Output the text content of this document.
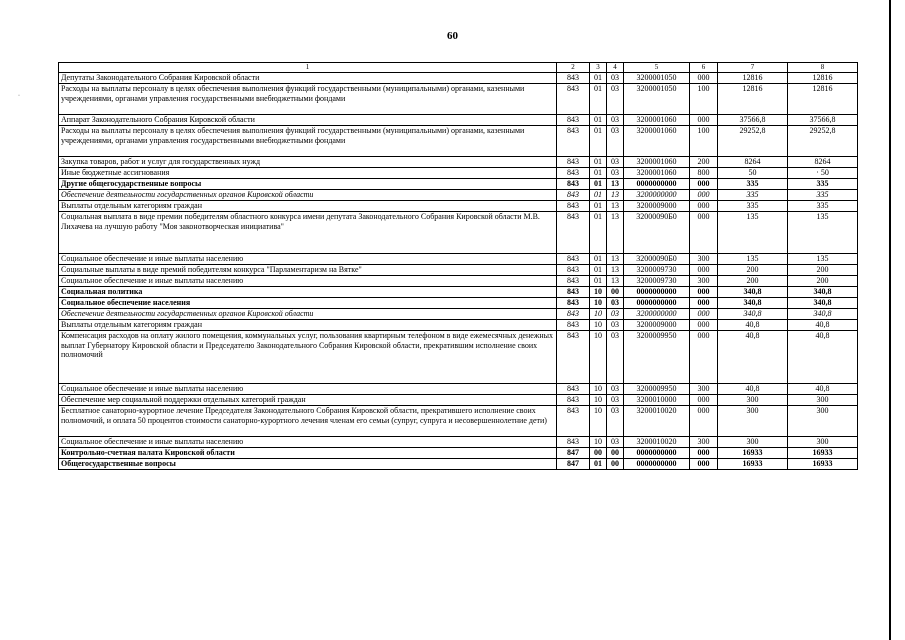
60
·
1	2	3	4	5	6	7	8
Депутаты Законодательного Собрания Кировской области	843	01	03	3200001050	000	12816	12816
Расходы на выплаты персоналу в целях обеспечения выполнения функций государственными (муниципальными) органами, казенными учреждениями, органами управления государственными внебюджетными фондами	843	01	03	3200001050	100	12816	12816
Аппарат Законодательного Собрания Кировской области	843	01	03	3200001060	000	37566,8	37566,8
Расходы на выплаты персоналу в целях обеспечения выполнения функций государственными (муниципальными) органами, казенными учреждениями, органами управления государственными внебюджетными фондами	843	01	03	3200001060	100	29252,8	29252,8
Закупка товаров, работ и услуг для государственных нужд	843	01	03	3200001060	200	8264	8264
Иные бюджетные ассигнования	843	01	03	3200001060	800	50	· 50
Другие общегосударственные вопросы	843	01	13	0000000000	000	335	335
Обеспечение деятельности государственных органов Кировской области	843	01	13	3200000000	000	335	335
Выплаты отдельным категориям граждан	843	01	13	3200009000	000	335	335
Социальная выплата в виде премии победителям областного конкурса имени депутата Законодательного Собрания Кировской области М.В. Лихачева на лучшую работу "Моя законотворческая инициатива"	843	01	13	32000090Б0	000	135	135
Социальное обеспечение и иные выплаты населению	843	01	13	32000090Б0	300	135	135
Социальные выплаты в виде премий победителям конкурса "Парламентаризм на Вятке"	843	01	13	3200009730	000	200	200
Социальное обеспечение и иные выплаты населению	843	01	13	3200009730	300	200	200
Социальная политика	843	10	00	0000000000	000	340,8	340,8
Социальное обеспечение населения	843	10	03	0000000000	000	340,8	340,8
Обеспечение деятельности государственных органов Кировской области	843	10	03	3200000000	000	340,8	340,8
Выплаты отдельным категориям граждан	843	10	03	3200009000	000	40,8	40,8
Компенсация расходов на оплату жилого помещения, коммунальных услуг, пользования квартирным телефоном в виде ежемесячных денежных выплат Губернатору Кировской области и Председателю Законодательного Собрания Кировской области, прекратившим исполнение своих полномочий	843	10	03	3200009950	000	40,8	40,8
Социальное обеспечение и иные выплаты населению	843	10	03	3200009950	300	40,8	40,8
Обеспечение мер социальной поддержки отдельных категорий граждан	843	10	03	3200010000	000	300	300
Бесплатное санаторно-курортное лечение Председателя Законодательного Собрания Кировской области, прекратившего исполнение своих полномочий, и оплата 50 процентов стоимости санаторно-курортного лечения членам его семьи (супруг, супруга и несовершеннолетние дети)	843	10	03	3200010020	000	300	300
Социальное обеспечение и иные выплаты населению	843	10	03	3200010020	300	300	300
Контрольно-счетная палата Кировской области	847	00	00	0000000000	000	16933	16933
Общегосударственные вопросы	847	01	00	0000000000	000	16933	16933
